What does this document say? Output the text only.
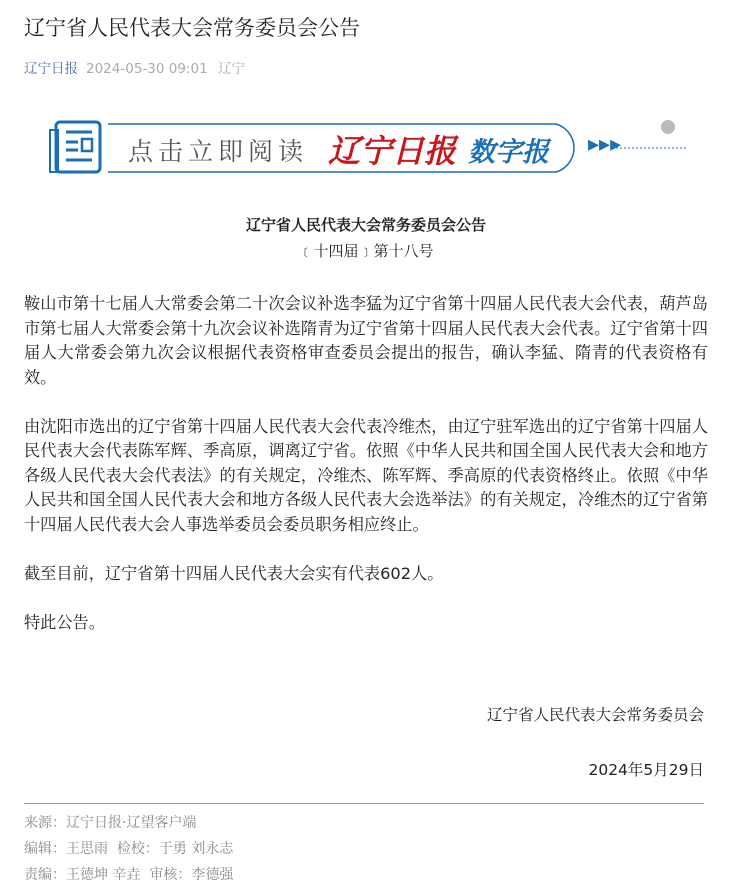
辽宁省人民代表大会常务委员会公告
辽宁日报 2024-05-30 09:01 辽宁
点击立即阅读 辽宁日报 数字报 ▸▸▸
辽宁省人民代表大会常务委员会公告
﹝十四届﹞第十八号

鞍山市第十七届人大常委会第二十次会议补选李猛为辽宁省第十四届人民代表大会代表，葫芦岛市第七届人大常委会第十九次会议补选隋青为辽宁省第十四届人民代表大会代表。辽宁省第十四届人大常委会第九次会议根据代表资格审查委员会提出的报告，确认李猛、隋青的代表资格有效。

由沈阳市选出的辽宁省第十四届人民代表大会代表冷维杰，由辽宁驻军选出的辽宁省第十四届人民代表大会代表陈军辉、季高原，调离辽宁省。依照《中华人民共和国全国人民代表大会和地方各级人民代表大会代表法》的有关规定，冷维杰、陈军辉、季高原的代表资格终止。依照《中华人民共和国全国人民代表大会和地方各级人民代表大会选举法》的有关规定，冷维杰的辽宁省第十四届人民代表大会人事选举委员会委员职务相应终止。

截至目前，辽宁省第十四届人民代表大会实有代表602人。

特此公告。

辽宁省人民代表大会常务委员会
2024年5月29日
来源：辽宁日报·辽望客户端
编辑：王思雨  检校：于勇 刘永志
责编：王德坤 辛垚  审核：李德强
